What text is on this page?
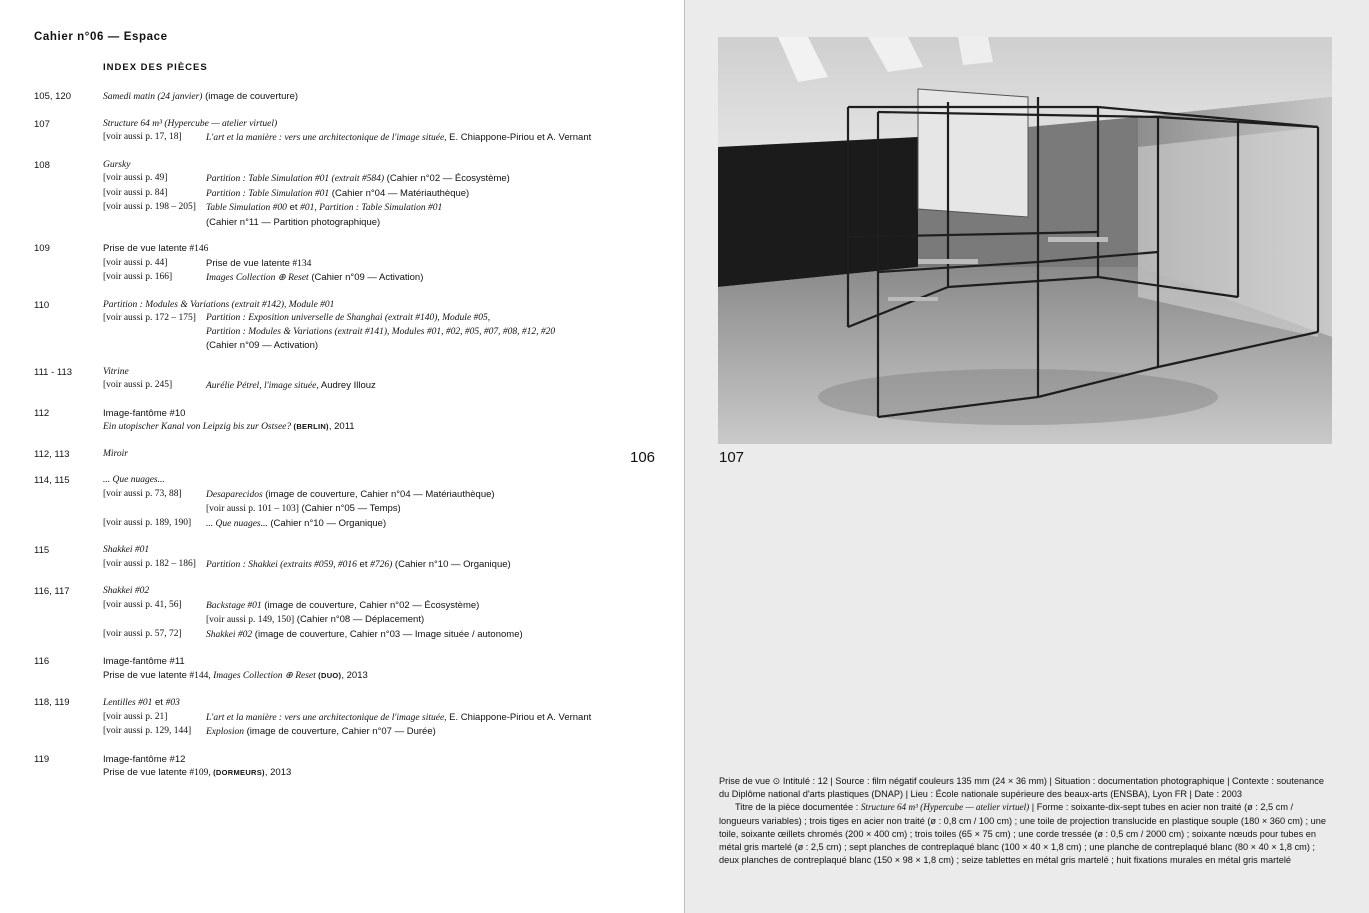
Cahier n°06 — Espace
INDEX DES PIÈCES
105, 120	Samedi matin (24 janvier) (image de couverture)
107	Structure 64 m³ (Hypercube — atelier virtuel)
[voir aussi p. 17, 18]	L'art et la manière : vers une architectonique de l'image située, E. Chiappone-Piriou et A. Vernant
108	Gursky
[voir aussi p. 49]	Partition : Table Simulation #01 (extrait #584) (Cahier n°02 — Écosystème)
[voir aussi p. 84]	Partition : Table Simulation #01 (Cahier n°04 — Matériauthèque)
[voir aussi p. 198 – 205]	Table Simulation #00 et #01, Partition : Table Simulation #01
(Cahier n°11 — Partition photographique)
109	Prise de vue latente #146
[voir aussi p. 44]	Prise de vue latente #134
[voir aussi p. 166]	Images Collection ⊕ Reset (Cahier n°09 — Activation)
110	Partition : Modules & Variations (extrait #142), Module #01
[voir aussi p. 172 – 175]	Partition : Exposition universelle de Shanghai (extrait #140), Module #05,
Partition : Modules & Variations (extrait #141), Modules #01, #02, #05, #07, #08, #12, #20
(Cahier n°09 — Activation)
111 - 113	Vitrine
[voir aussi p. 245]	Aurélie Pétrel, l'image située, Audrey Illouz
112	Image-fantôme #10
Ein utopischer Kanal von Leipzig bis zur Ostsee? (BERLIN), 2011
112, 113	Miroir
114, 115	... Que nuages...
[voir aussi p. 73, 88]	Desaparecidos (image de couverture, Cahier n°04 — Matériauthèque)
[voir aussi p. 101 – 103] (Cahier n°05 — Temps)
[voir aussi p. 189, 190]	... Que nuages... (Cahier n°10 — Organique)
115	Shakkei #01
[voir aussi p. 182 – 186]	Partition : Shakkei (extraits #059, #016 et #726) (Cahier n°10 — Organique)
116, 117	Shakkei #02
[voir aussi p. 41, 56]	Backstage #01 (image de couverture, Cahier n°02 — Écosystème)
[voir aussi p. 149, 150] (Cahier n°08 — Déplacement)
[voir aussi p. 57, 72]	Shakkei #02 (image de couverture, Cahier n°03 — Image située / autonome)
116	Image-fantôme #11
Prise de vue latente #144, Images Collection ⊕ Reset (DUO), 2013
118, 119	Lentilles #01 et #03
[voir aussi p. 21]	L'art et la manière : vers une architectonique de l'image située, E. Chiappone-Piriou et A. Vernant
[voir aussi p. 129, 144]	Explosion (image de couverture, Cahier n°07 — Durée)
119	Image-fantôme #12
Prise de vue latente #109, (DORMEURS), 2013
106	107
Prise de vue ⊙ Intitulé : 12 | Source : film négatif couleurs 135 mm (24 × 36 mm) | Situation : documentation photographique | Contexte : soutenance du Diplôme national d'arts plastiques (DNAP) | Lieu : École nationale supérieure des beaux-arts (ENSBA), Lyon FR | Date : 2003
Titre de la pièce documentée : Structure 64 m³ (Hypercube — atelier virtuel) | Forme : soixante-dix-sept tubes en acier non traité (ø : 2,5 cm / longueurs variables) ; trois tiges en acier non traité (ø : 0,8 cm / 100 cm) ; une toile de projection translucide en plastique souple (180 × 360 cm) ; une toile, soixante œillets chromés (200 × 400 cm) ; trois toiles (65 × 75 cm) ; une corde tressée (ø : 0,5 cm / 2000 cm) ; soixante nœuds pour tubes en métal gris martelé (ø : 2,5 cm) ; sept planches de contreplaqué blanc (100 × 40 × 1,8 cm) ; une planche de contreplaqué blanc (80 × 40 × 1,8 cm) ; deux planches de contreplaqué blanc (150 × 98 × 1,8 cm) ; seize tablettes en métal gris martelé ; huit fixations murales en métal gris martelé
